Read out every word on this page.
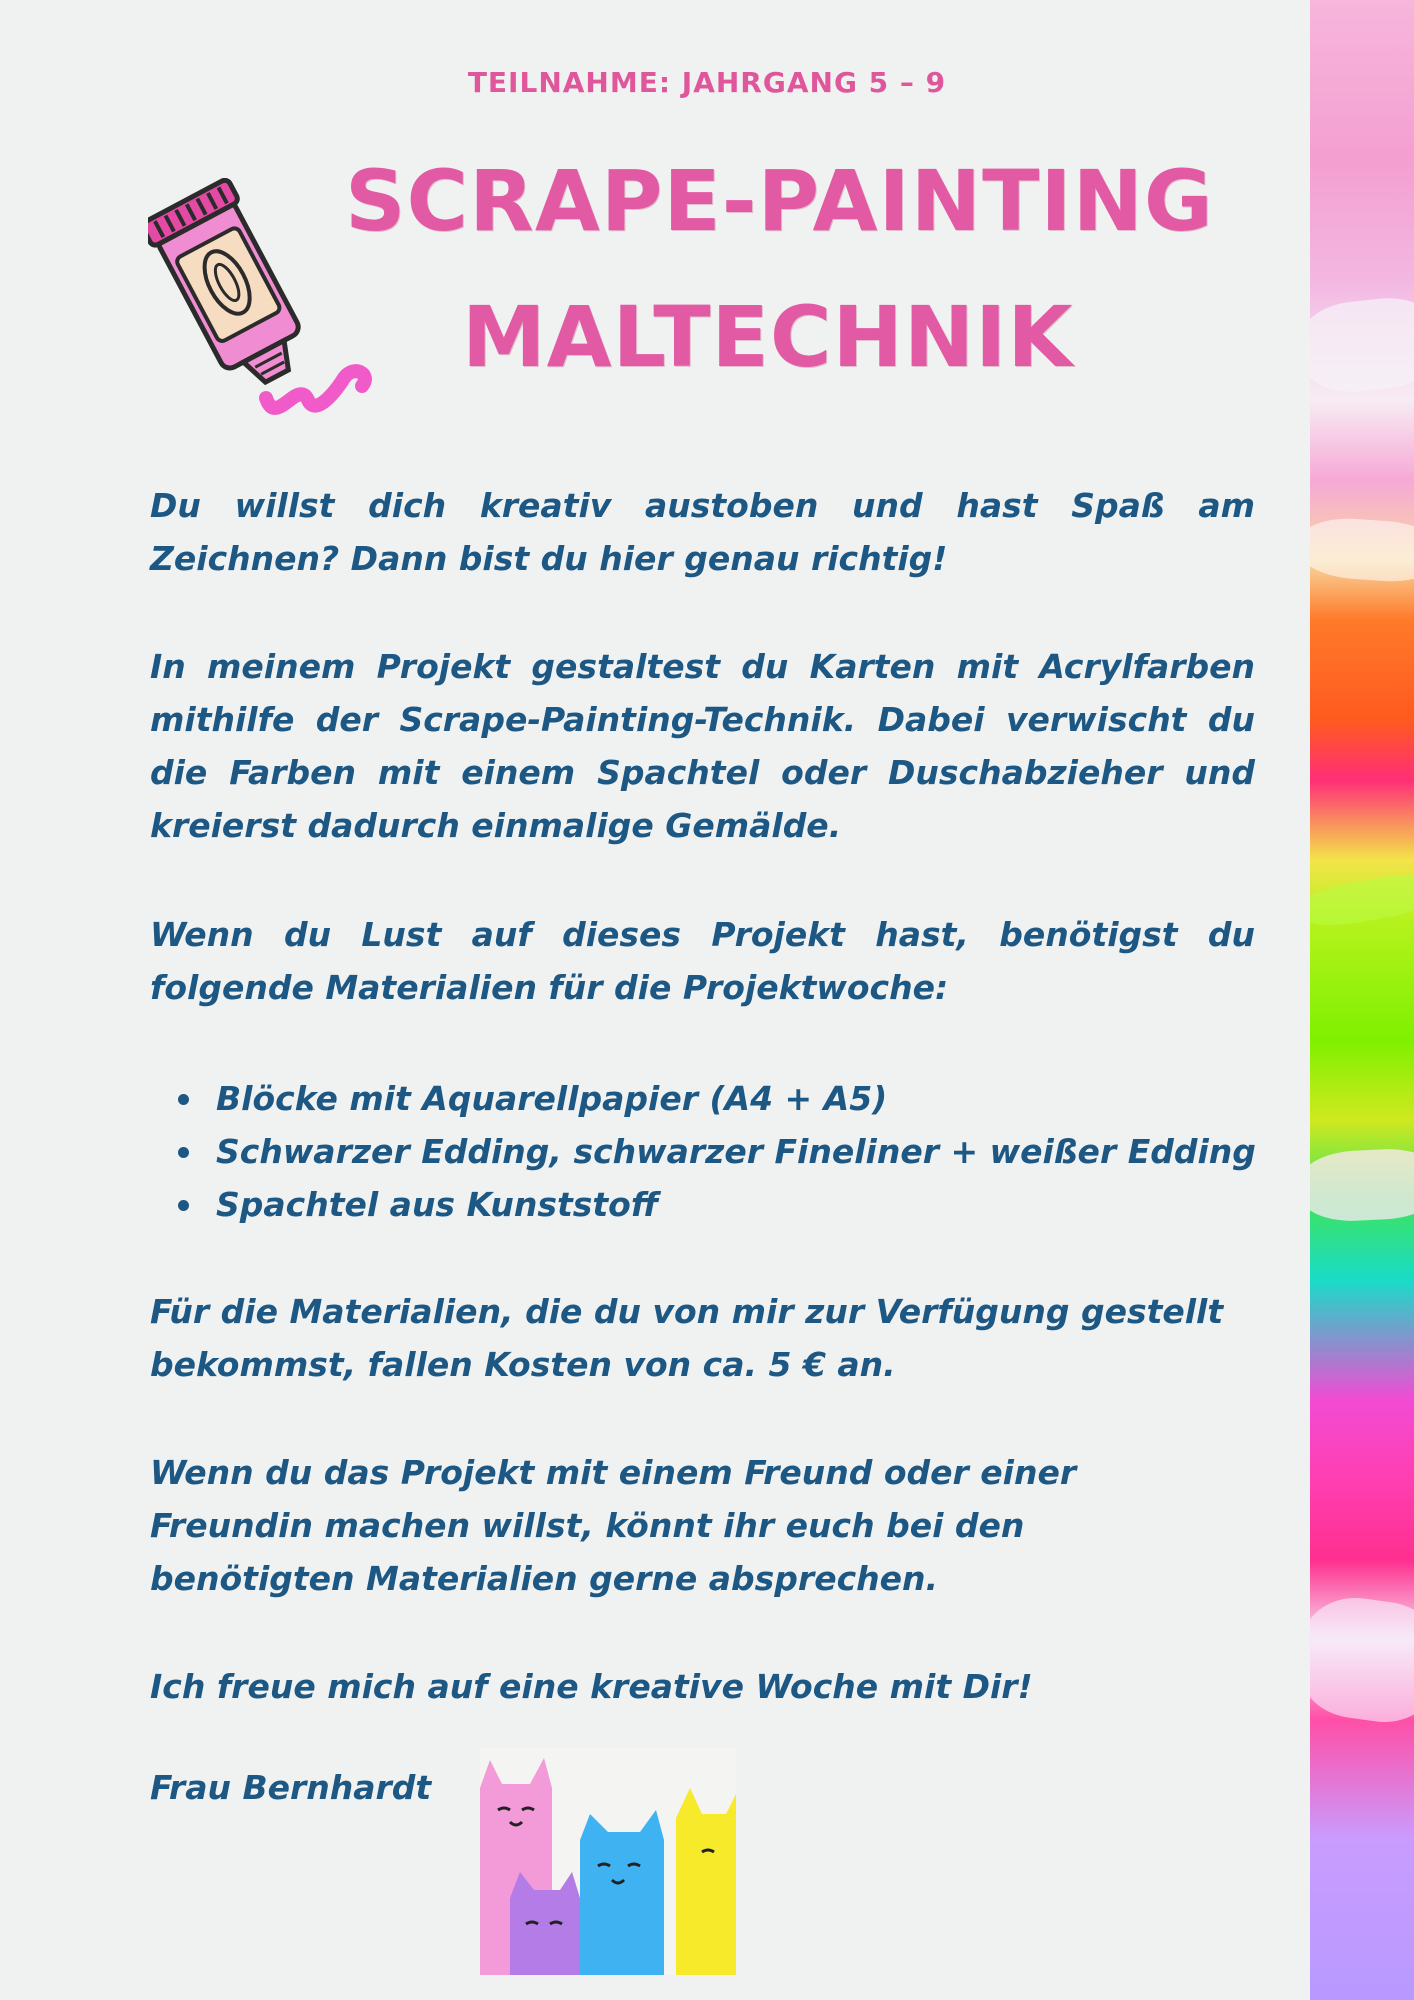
TEILNAHME: JAHRGANG 5 – 9
SCRAPE-PAINTING
MALTECHNIK
Du willst dich kreativ austoben und hast Spaß am Zeichnen? Dann bist du hier genau richtig!
In meinem Projekt gestaltest du Karten mit Acrylfarben mithilfe der Scrape-Painting-Technik. Dabei verwischt du die Farben mit einem Spachtel oder Duschabzieher und kreierst dadurch einmalige Gemälde.
Wenn du Lust auf dieses Projekt hast, benötigst du folgende Materialien für die Projektwoche:
Blöcke mit Aquarellpapier (A4 + A5)
Schwarzer Edding, schwarzer Fineliner + weißer Edding
Spachtel aus Kunststoff
Für die Materialien, die du von mir zur Verfügung gestellt bekommst, fallen Kosten von ca. 5 € an.
Wenn du das Projekt mit einem Freund oder einer Freundin machen willst, könnt ihr euch bei den benötigten Materialien gerne absprechen.
Ich freue mich auf eine kreative Woche mit Dir!
Frau Bernhardt
